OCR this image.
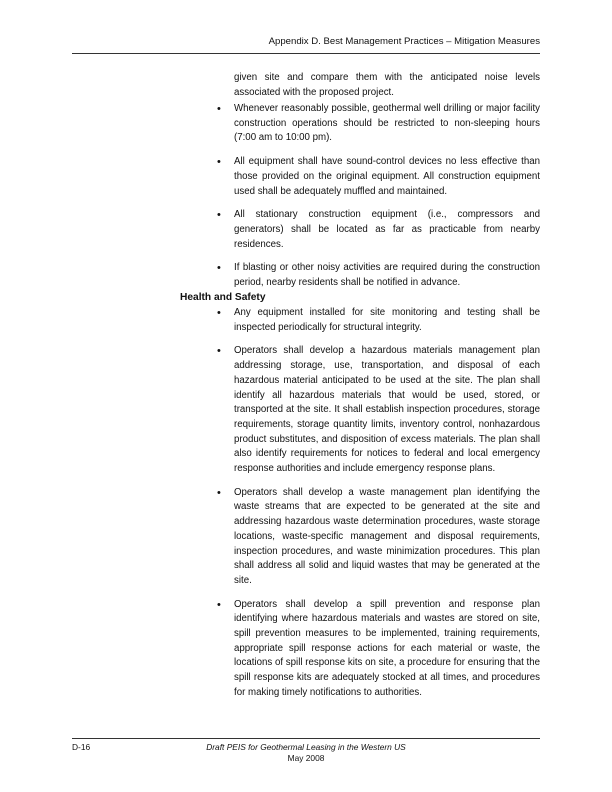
Appendix D. Best Management Practices – Mitigation Measures

given site and compare them with the anticipated noise levels associated with the proposed project.

• Whenever reasonably possible, geothermal well drilling or major facility construction operations should be restricted to non-sleeping hours (7:00 am to 10:00 pm).
• All equipment shall have sound-control devices no less effective than those provided on the original equipment. All construction equipment used shall be adequately muffled and maintained.
• All stationary construction equipment (i.e., compressors and generators) shall be located as far as practicable from nearby residences.
• If blasting or other noisy activities are required during the construction period, nearby residents shall be notified in advance.
Health and Safety
• Any equipment installed for site monitoring and testing shall be inspected periodically for structural integrity.
• Operators shall develop a hazardous materials management plan addressing storage, use, transportation, and disposal of each hazardous material anticipated to be used at the site. The plan shall identify all hazardous materials that would be used, stored, or transported at the site. It shall establish inspection procedures, storage requirements, storage quantity limits, inventory control, nonhazardous product substitutes, and disposition of excess materials. The plan shall also identify requirements for notices to federal and local emergency response authorities and include emergency response plans.
• Operators shall develop a waste management plan identifying the waste streams that are expected to be generated at the site and addressing hazardous waste determination procedures, waste storage locations, waste-specific management and disposal requirements, inspection procedures, and waste minimization procedures. This plan shall address all solid and liquid wastes that may be generated at the site.
• Operators shall develop a spill prevention and response plan identifying where hazardous materials and wastes are stored on site, spill prevention measures to be implemented, training requirements, appropriate spill response actions for each material or waste, the locations of spill response kits on site, a procedure for ensuring that the spill response kits are adequately stocked at all times, and procedures for making timely notifications to authorities.
D-16	Draft PEIS for Geothermal Leasing in the Western US
May 2008
